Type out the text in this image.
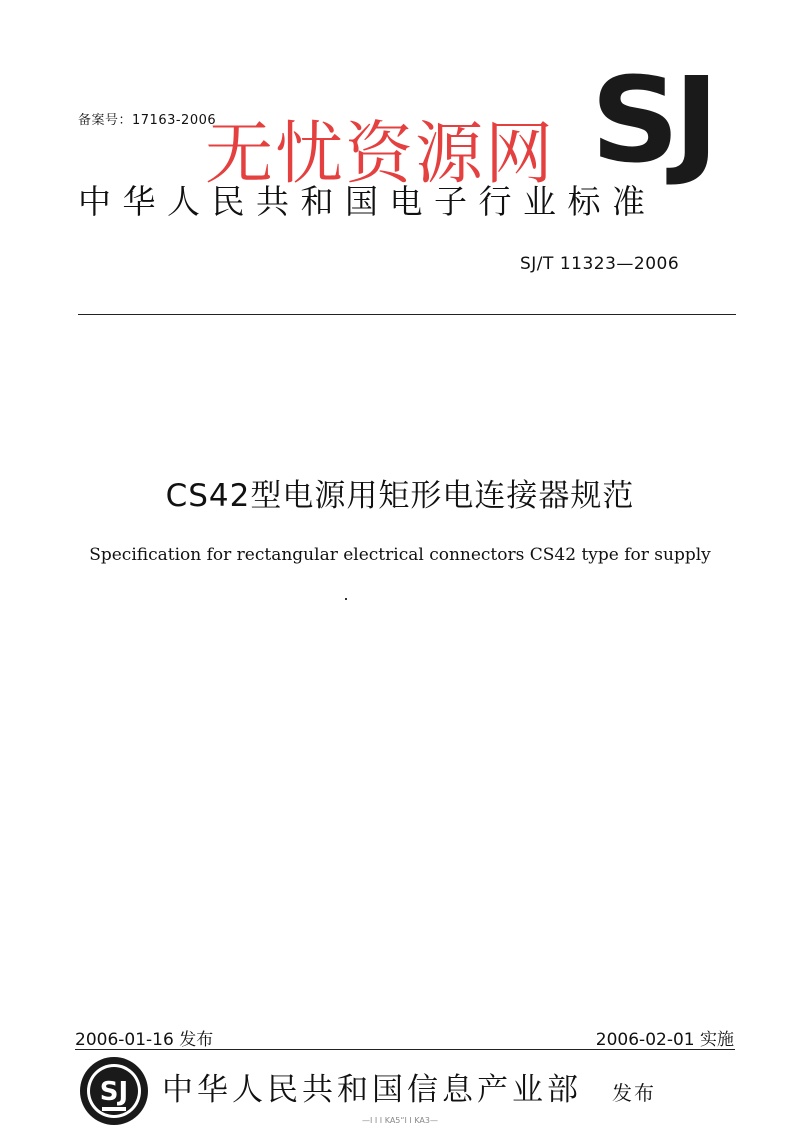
备案号：17163-2006	SJ
中华人民共和国电子行业标准
无忧资源网
SJ/T 11323—2006
CS42型电源用矩形电连接器规范
Specification for rectangular electrical connectors CS42 type for supply
2006-01-16 发布	2006-02-01 实施
SJ 中华人民共和国信息产业部 发布
—I I I KA5“I I KA3—
